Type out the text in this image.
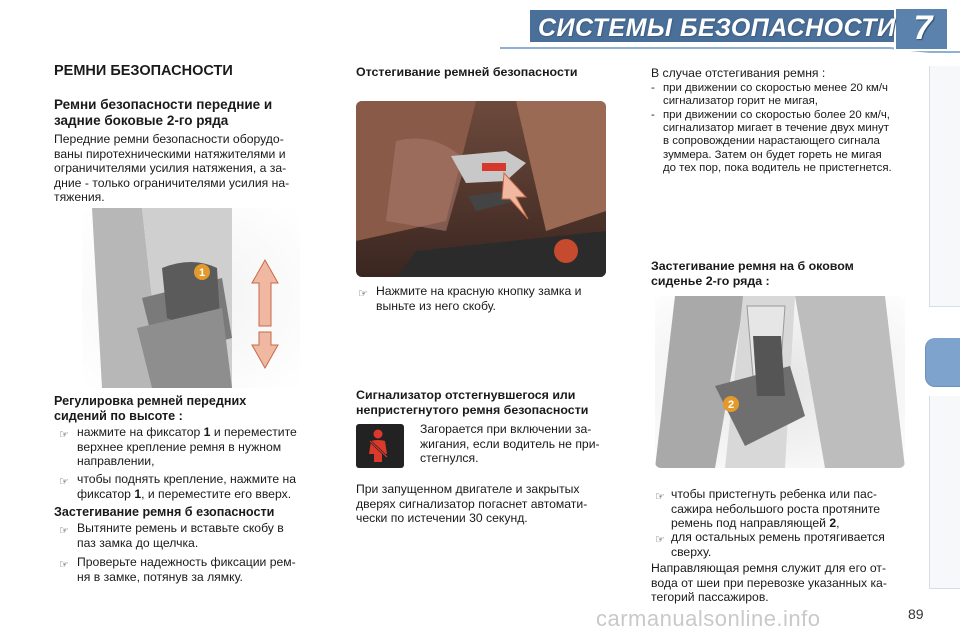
СИСТЕМЫ БЕЗОПАСНОСТИ 7
РЕМНИ БЕЗОПАСНОСТИ
Ремни безопасности передние и
задние боковые 2-го ряда
Передние ремни безопасности оборудо-
ваны пиротехническими натяжителями и
ограничителями усилия натяжения, а за-
дние - только ограничителями усилия на-
тяжения.
1
Регулировка ремней передних
сидений по высоте :
☞ нажмите на фиксатор 1 и переместите
верхнее крепление ремня в нужном
направлении,
☞ чтобы поднять крепление, нажмите на
фиксатор 1, и переместите его вверх.
Застегивание ремня б езопасности
☞ Вытяните ремень и вставьте скобу в
паз замка до щелчка.
☞ Проверьте надежность фиксации рем-
ня в замке, потянув за лямку.
Отстегивание ремней безопасности
☞ Нажмите на красную кнопку замка и
выньте из него скобу.
Сигнализатор отстегнувшегося или
непристегнутого ремня безопасности
Загорается при включении за-
жигания, если водитель не при-
стегнулся.
При запущенном двигателе и закрытых
дверях сигнализатор погаснет автомати-
чески по истечении 30 секунд.
В случае отстегивания ремня :
- при движении со скоростью менее 20 км/ч
сигнализатор горит не мигая,
- при движении со скоростью более 20 км/ч,
сигнализатор мигает в течение двух минут
в сопровождении нарастающего сигнала
зуммера. Затем он будет гореть не мигая
до тех пор, пока водитель не пристегнется.
Застегивание ремня на б оковом
сиденье 2-го ряда :
2
☞ чтобы пристегнуть ребенка или пас-
сажира небольшого роста протяните
ремень под направляющей 2,
☞ для остальных ремень протягивается
сверху.
Направляющая ремня служит для его от-
вода от шеи при перевозке указанных ка-
тегорий пассажиров.
carmanualsonline.info	89
